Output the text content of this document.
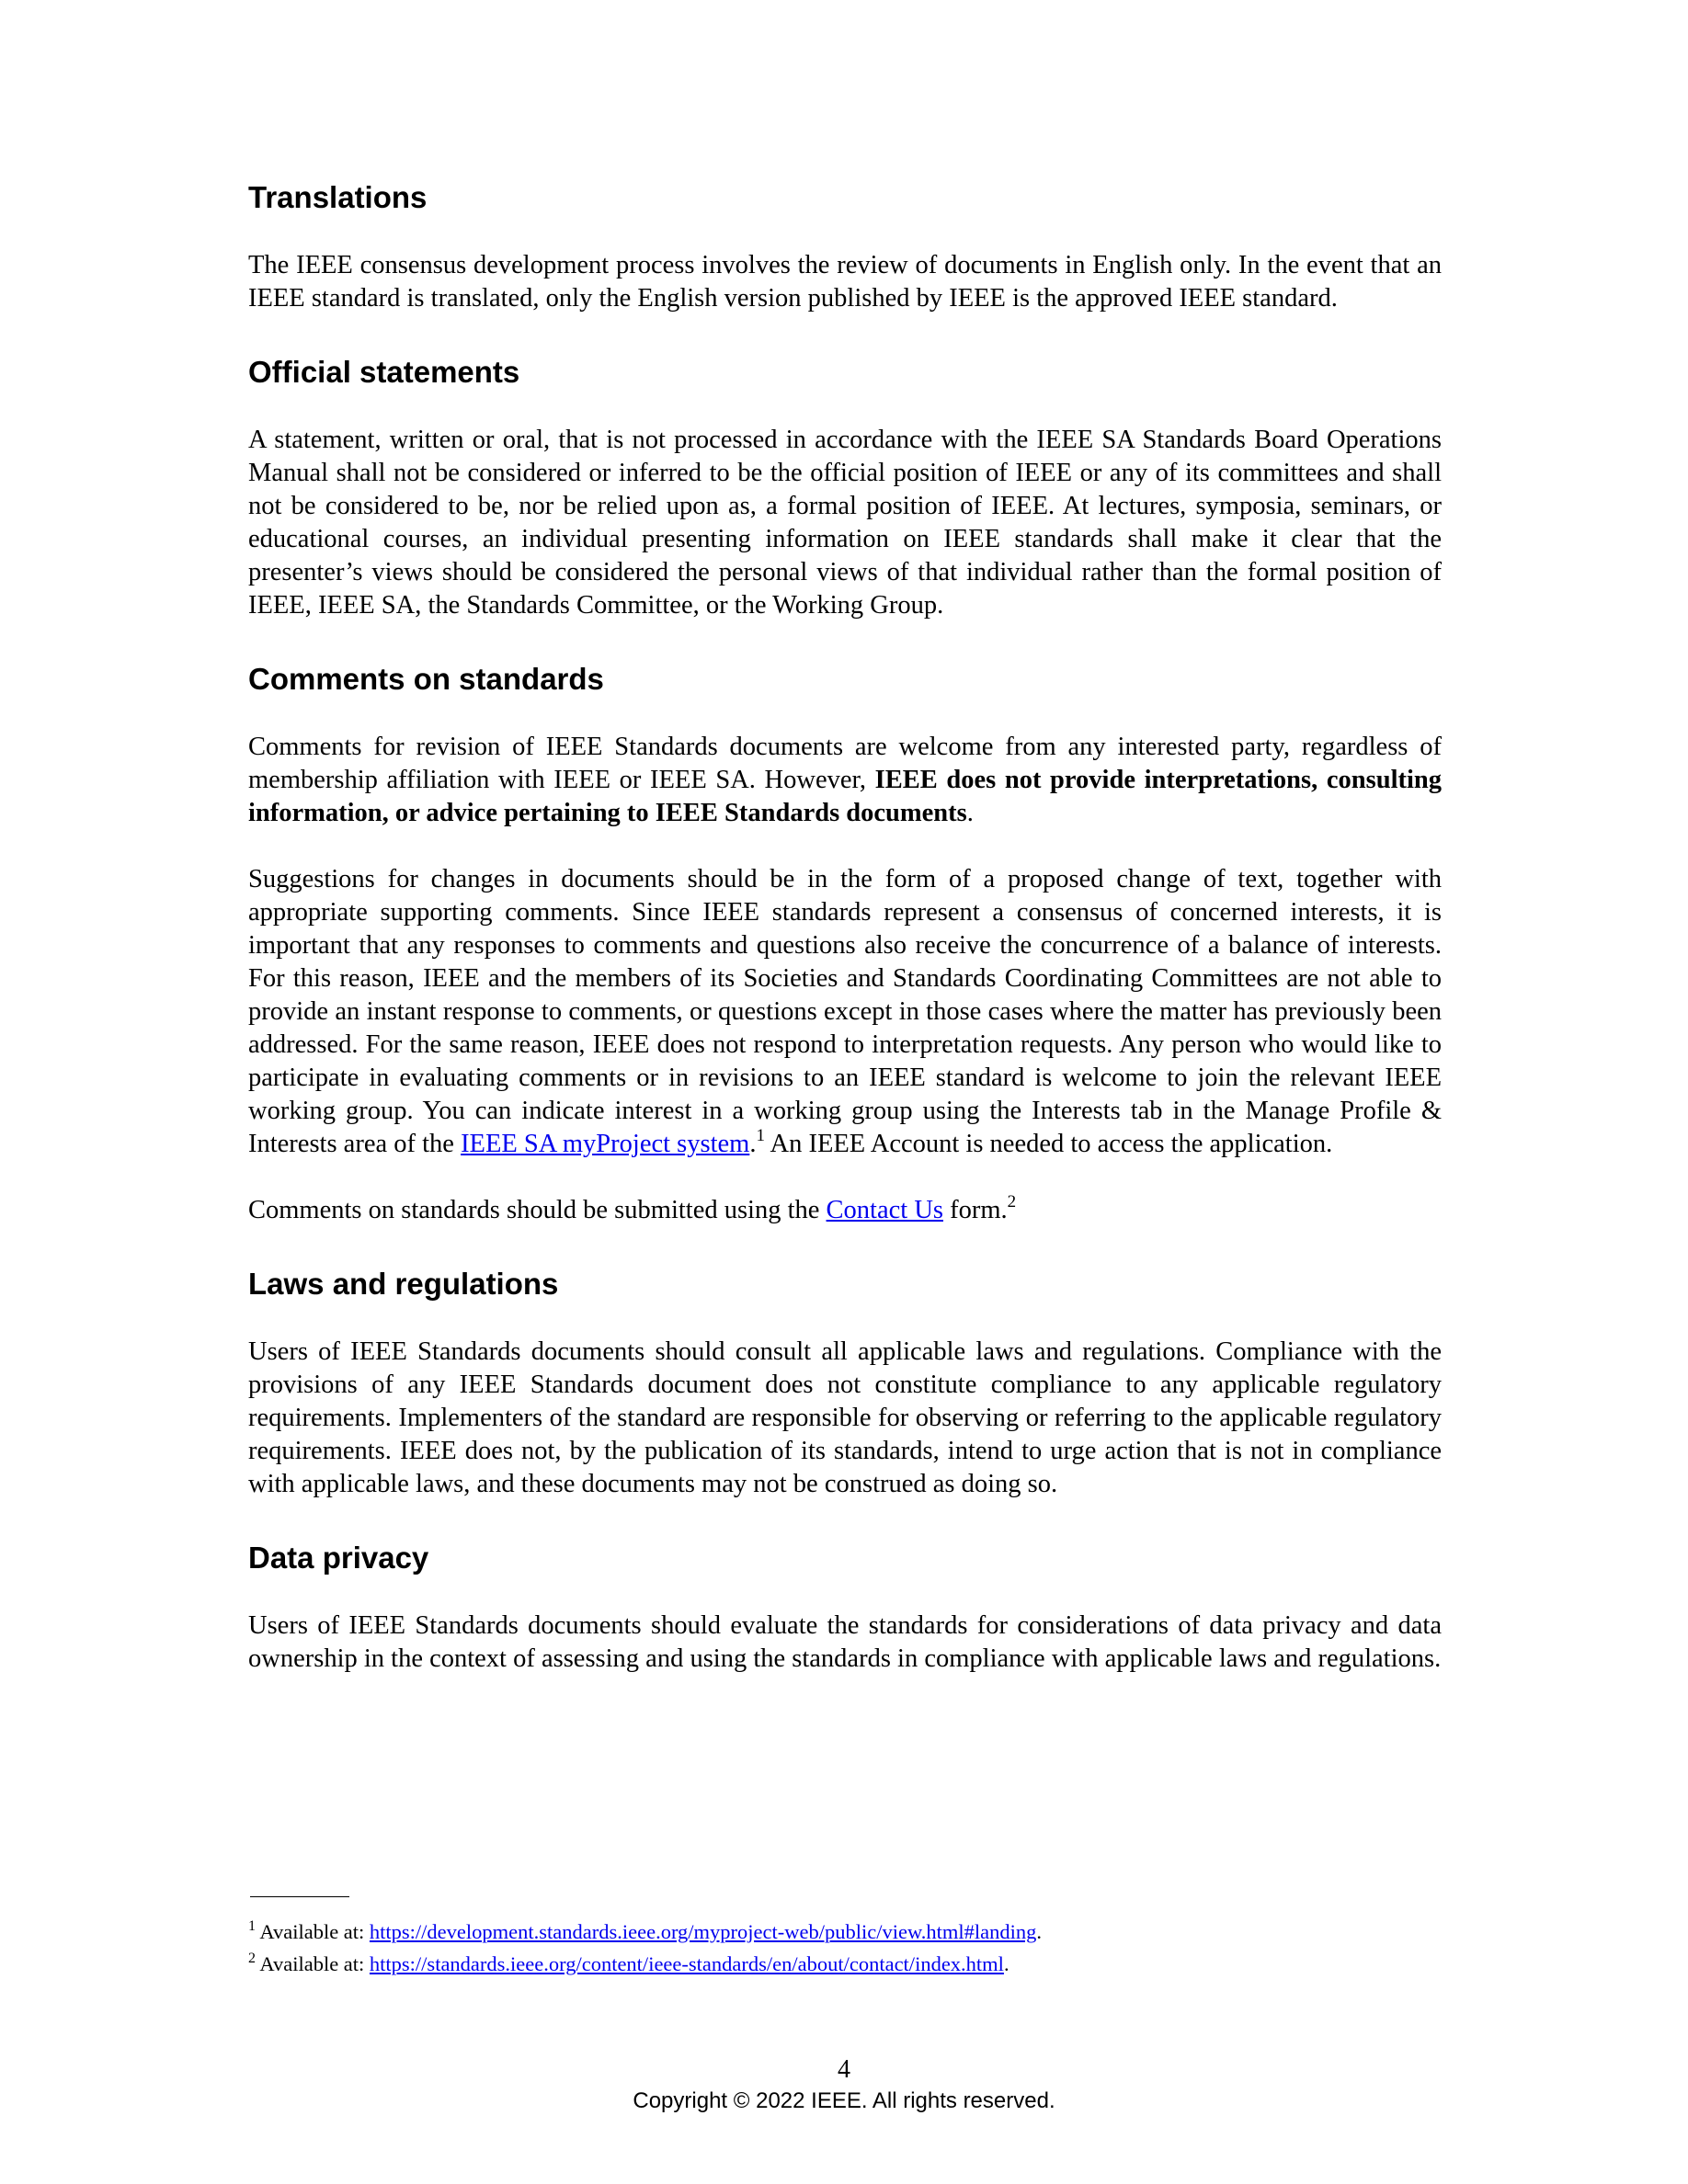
Translations

The IEEE consensus development process involves the review of documents in English only. In the event that an IEEE standard is translated, only the English version published by IEEE is the approved IEEE standard.

Official statements

A statement, written or oral, that is not processed in accordance with the IEEE SA Standards Board Operations Manual shall not be considered or inferred to be the official position of IEEE or any of its committees and shall not be considered to be, nor be relied upon as, a formal position of IEEE. At lectures, symposia, seminars, or educational courses, an individual presenting information on IEEE standards shall make it clear that the presenter’s views should be considered the personal views of that individual rather than the formal position of IEEE, IEEE SA, the Standards Committee, or the Working Group.

Comments on standards

Comments for revision of IEEE Standards documents are welcome from any interested party, regardless of membership affiliation with IEEE or IEEE SA. However, IEEE does not provide interpretations, consulting information, or advice pertaining to IEEE Standards documents.

Suggestions for changes in documents should be in the form of a proposed change of text, together with appropriate supporting comments. Since IEEE standards represent a consensus of concerned interests, it is important that any responses to comments and questions also receive the concurrence of a balance of interests. For this reason, IEEE and the members of its Societies and Standards Coordinating Committees are not able to provide an instant response to comments, or questions except in those cases where the matter has previously been addressed. For the same reason, IEEE does not respond to interpretation requests. Any person who would like to participate in evaluating comments or in revisions to an IEEE standard is welcome to join the relevant IEEE working group. You can indicate interest in a working group using the Interests tab in the Manage Profile & Interests area of the IEEE SA myProject system.$^1$ An IEEE Account is needed to access the application.

Comments on standards should be submitted using the Contact Us form.$^2$

Laws and regulations

Users of IEEE Standards documents should consult all applicable laws and regulations. Compliance with the provisions of any IEEE Standards document does not constitute compliance to any applicable regulatory requirements. Implementers of the standard are responsible for observing or referring to the applicable regulatory requirements. IEEE does not, by the publication of its standards, intend to urge action that is not in compliance with applicable laws, and these documents may not be construed as doing so.

Data privacy

Users of IEEE Standards documents should evaluate the standards for considerations of data privacy and data ownership in the context of assessing and using the standards in compliance with applicable laws and regulations.

$^1$ Available at: https://development.standards.ieee.org/myproject-web/public/view.html#landing.
$^2$ Available at: https://standards.ieee.org/content/ieee-standards/en/about/contact/index.html.
4
Copyright © 2022 IEEE. All rights reserved.
